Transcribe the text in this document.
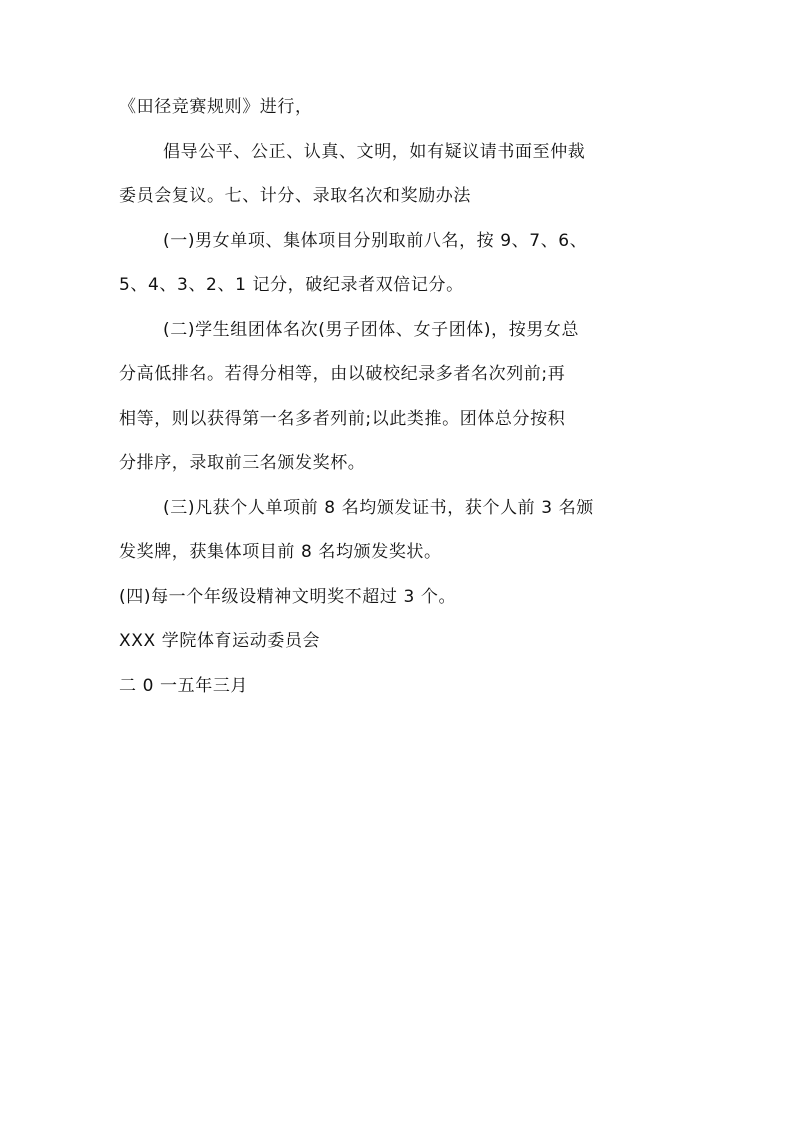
《田径竞赛规则》进行，
倡导公平、公正、认真、文明，如有疑议请书面至仲裁
委员会复议。七、计分、录取名次和奖励办法
(一)男女单项、集体项目分别取前八名，按 9、7、6、
5、4、3、2、1 记分，破纪录者双倍记分。
(二)学生组团体名次(男子团体、女子团体)，按男女总
分高低排名。若得分相等，由以破校纪录多者名次列前;再
相等，则以获得第一名多者列前;以此类推。团体总分按积
分排序，录取前三名颁发奖杯。
(三)凡获个人单项前 8 名均颁发证书，获个人前 3 名颁
发奖牌，获集体项目前 8 名均颁发奖状。
(四)每一个年级设精神文明奖不超过 3 个。
XXX 学院体育运动委员会
二 0 一五年三月
